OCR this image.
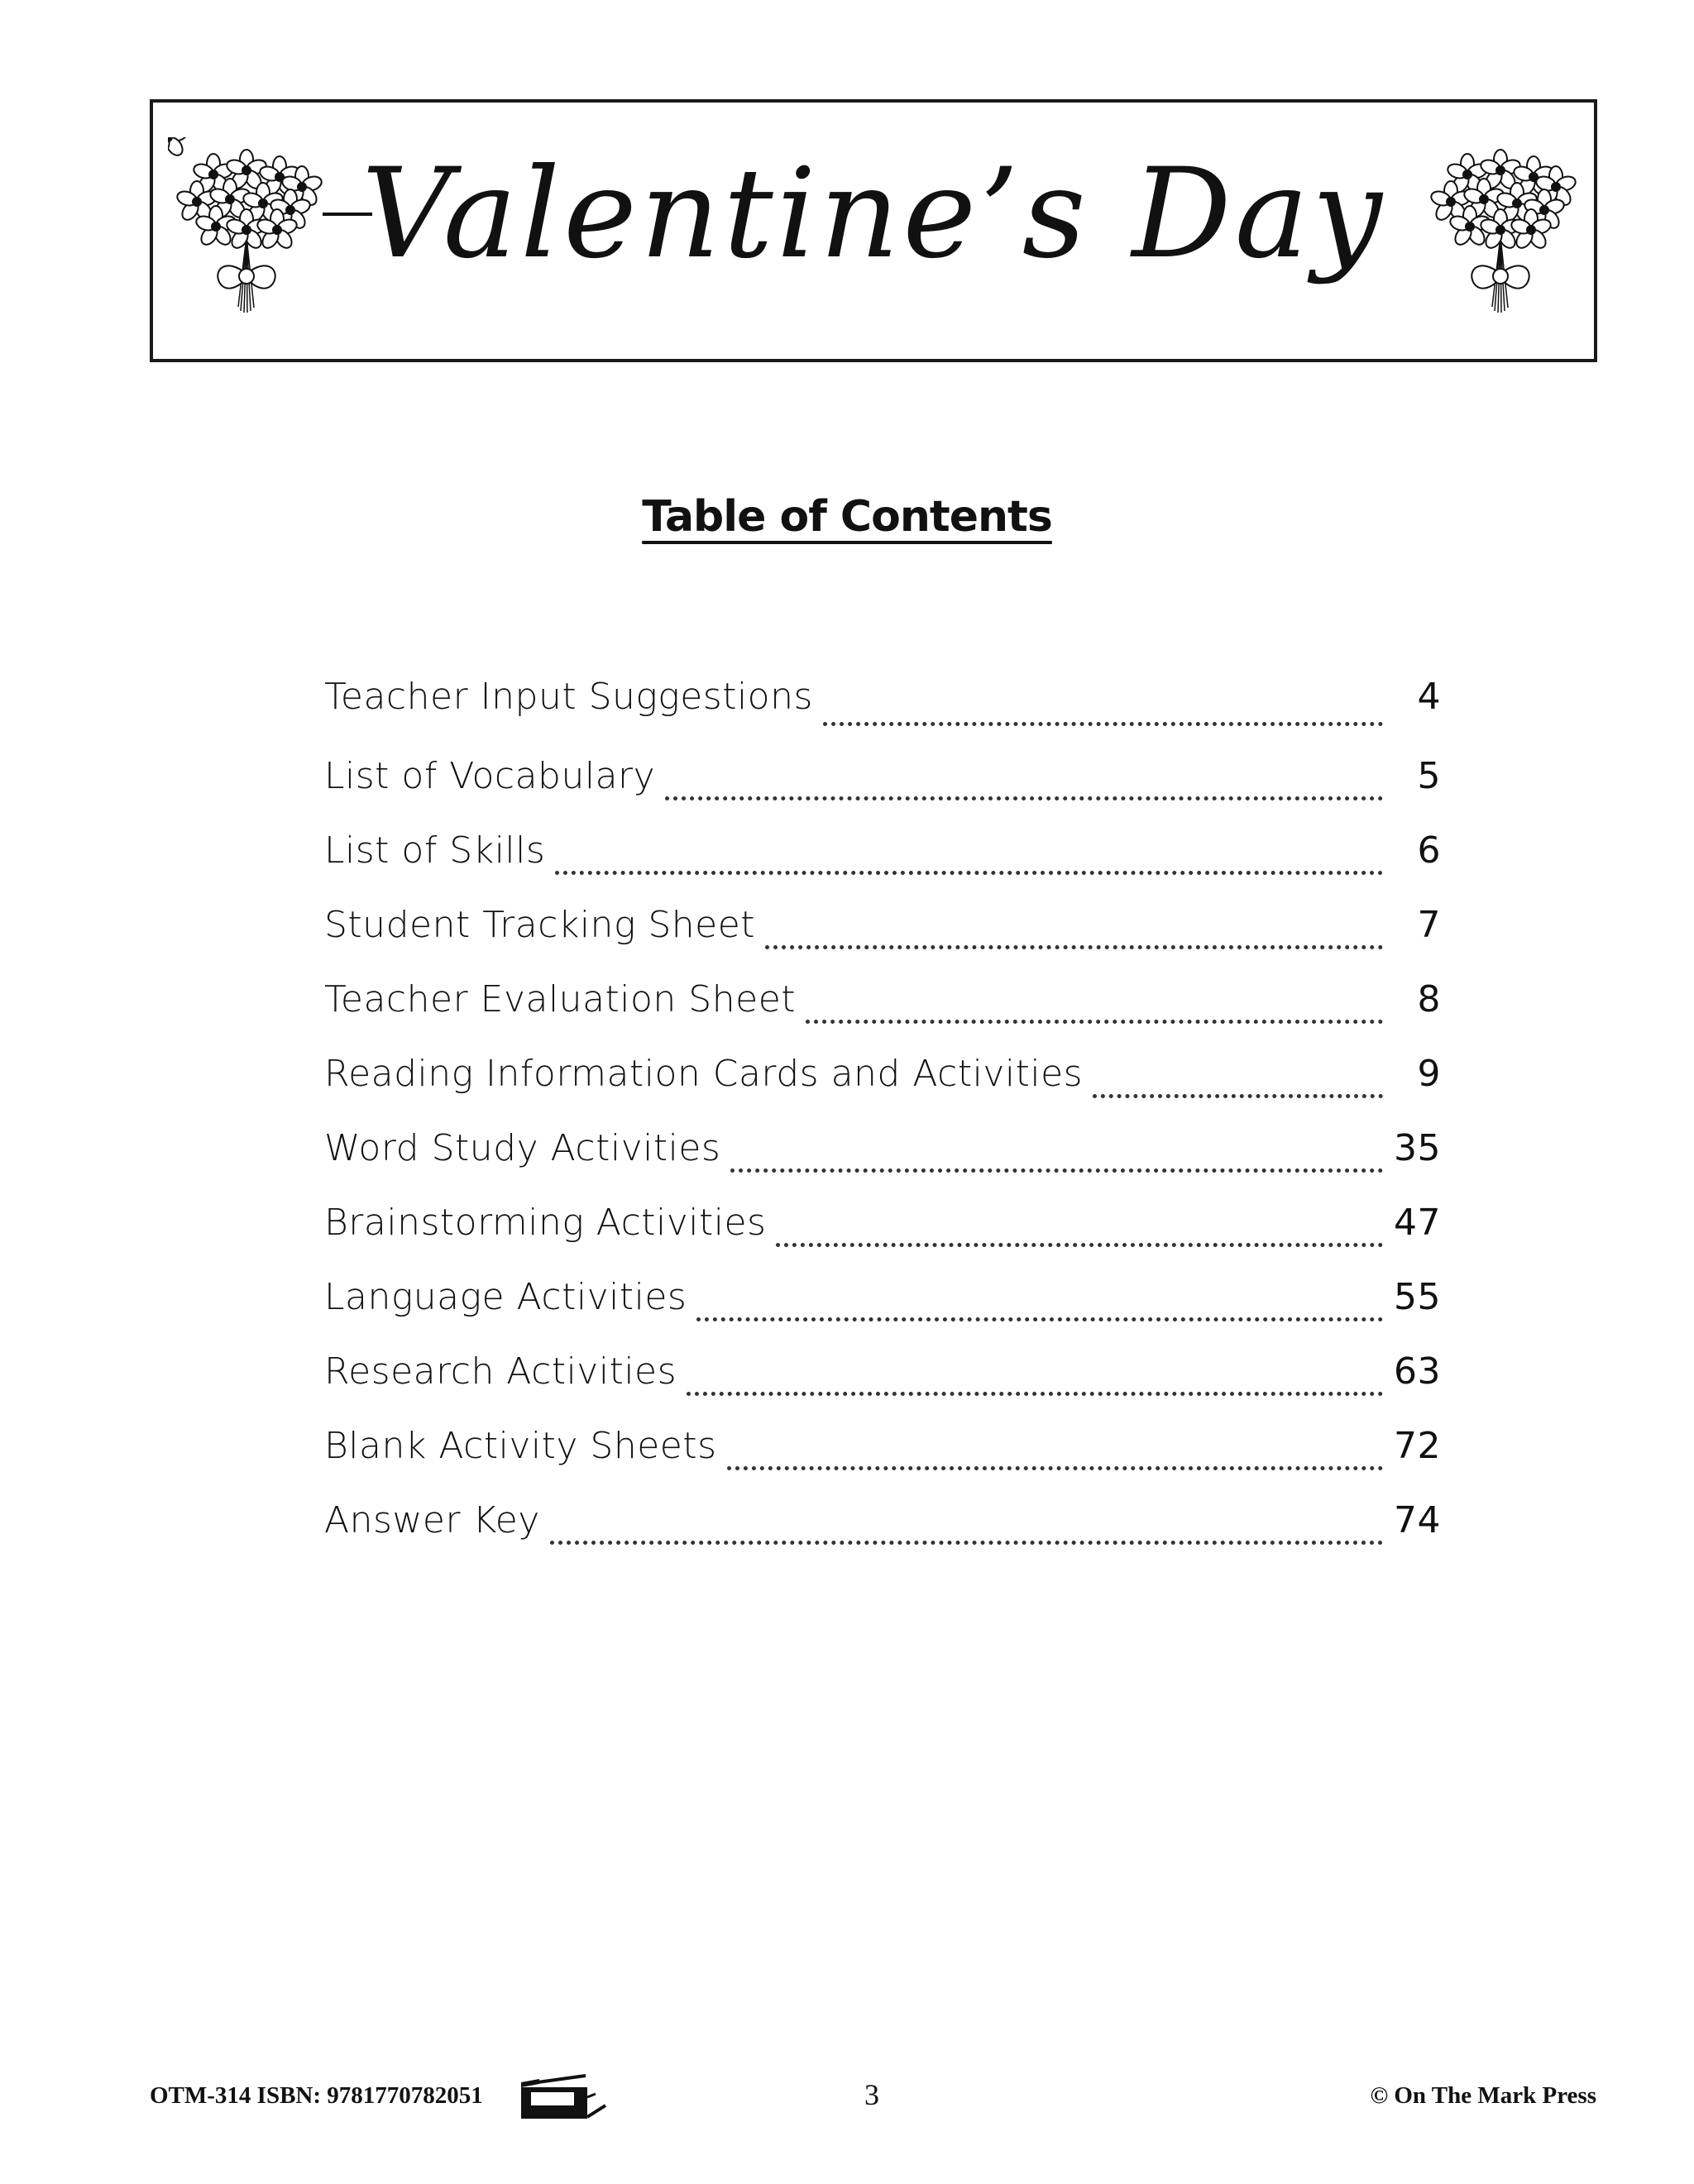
Valentine’s Day
Table of Contents
Teacher Input Suggestions	4
List of Vocabulary	5
List of Skills	6
Student Tracking Sheet	7
Teacher Evaluation Sheet	8
Reading Information Cards and Activities	9
Word Study Activities	35
Brainstorming Activities	47
Language Activities	55
Research Activities	63
Blank Activity Sheets	72
Answer Key	74
OTM-314 ISBN: 9781770782051	3	© On The Mark Press
